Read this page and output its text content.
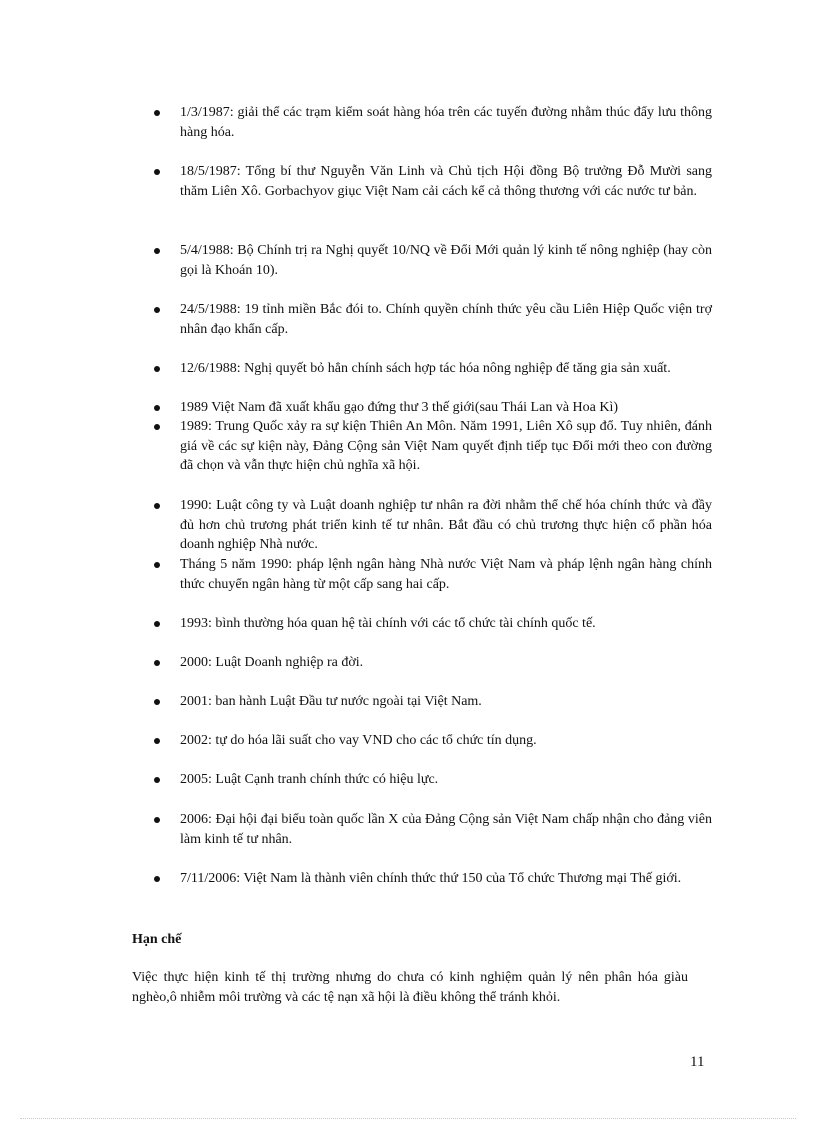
1/3/1987: giải thể các trạm kiểm soát hàng hóa trên các tuyến đường nhằm thúc đẩy lưu thông hàng hóa.
18/5/1987: Tổng bí thư Nguyễn Văn Linh và Chủ tịch Hội đồng Bộ trưởng Đỗ Mười sang thăm Liên Xô. Gorbachyov giục Việt Nam cải cách kể cả thông thương với các nước tư bản.
5/4/1988: Bộ Chính trị ra Nghị quyết 10/NQ về Đổi Mới quản lý kinh tế nông nghiệp (hay còn gọi là Khoán 10).
24/5/1988: 19 tỉnh miền Bắc đói to. Chính quyền chính thức yêu cầu Liên Hiệp Quốc viện trợ nhân đạo khẩn cấp.
12/6/1988: Nghị quyết bỏ hẳn chính sách hợp tác hóa nông nghiệp để tăng gia sản xuất.
1989 Việt Nam đã xuất khẩu gạo đứng thư 3 thế giới(sau Thái Lan và Hoa Kì)
1989: Trung Quốc xảy ra sự kiện Thiên An Môn. Năm 1991, Liên Xô sụp đổ. Tuy nhiên, đánh giá về các sự kiện này, Đảng Cộng sản Việt Nam quyết định tiếp tục Đổi mới theo con đường đã chọn và vẫn thực hiện chủ nghĩa xã hội.
1990: Luật công ty và Luật doanh nghiệp tư nhân ra đời nhằm thể chế hóa chính thức và đầy đủ hơn chủ trương phát triển kinh tế tư nhân. Bắt đầu có chủ trương thực hiện cổ phần hóa doanh nghiệp Nhà nước.
Tháng 5 năm 1990: pháp lệnh ngân hàng Nhà nước Việt Nam và pháp lệnh ngân hàng chính thức chuyển ngân hàng từ một cấp sang hai cấp.
1993: bình thường hóa quan hệ tài chính với các tổ chức tài chính quốc tế.
2000: Luật Doanh nghiệp ra đời.
2001: ban hành Luật Đầu tư nước ngoài tại Việt Nam.
2002: tự do hóa lãi suất cho vay VND cho các tổ chức tín dụng.
2005: Luật Cạnh tranh chính thức có hiệu lực.
2006: Đại hội đại biểu toàn quốc lần X của Đảng Cộng sản Việt Nam chấp nhận cho đảng viên làm kinh tế tư nhân.
7/11/2006: Việt Nam là thành viên chính thức thứ 150 của Tổ chức Thương mại Thế giới.
Hạn chế

Việc thực hiện kinh tế thị trường nhưng do chưa có kinh nghiệm quản lý nên phân hóa giàu nghèo,ô nhiễm môi trường và các tệ nạn xã hội là điều không thể tránh khỏi.

11
